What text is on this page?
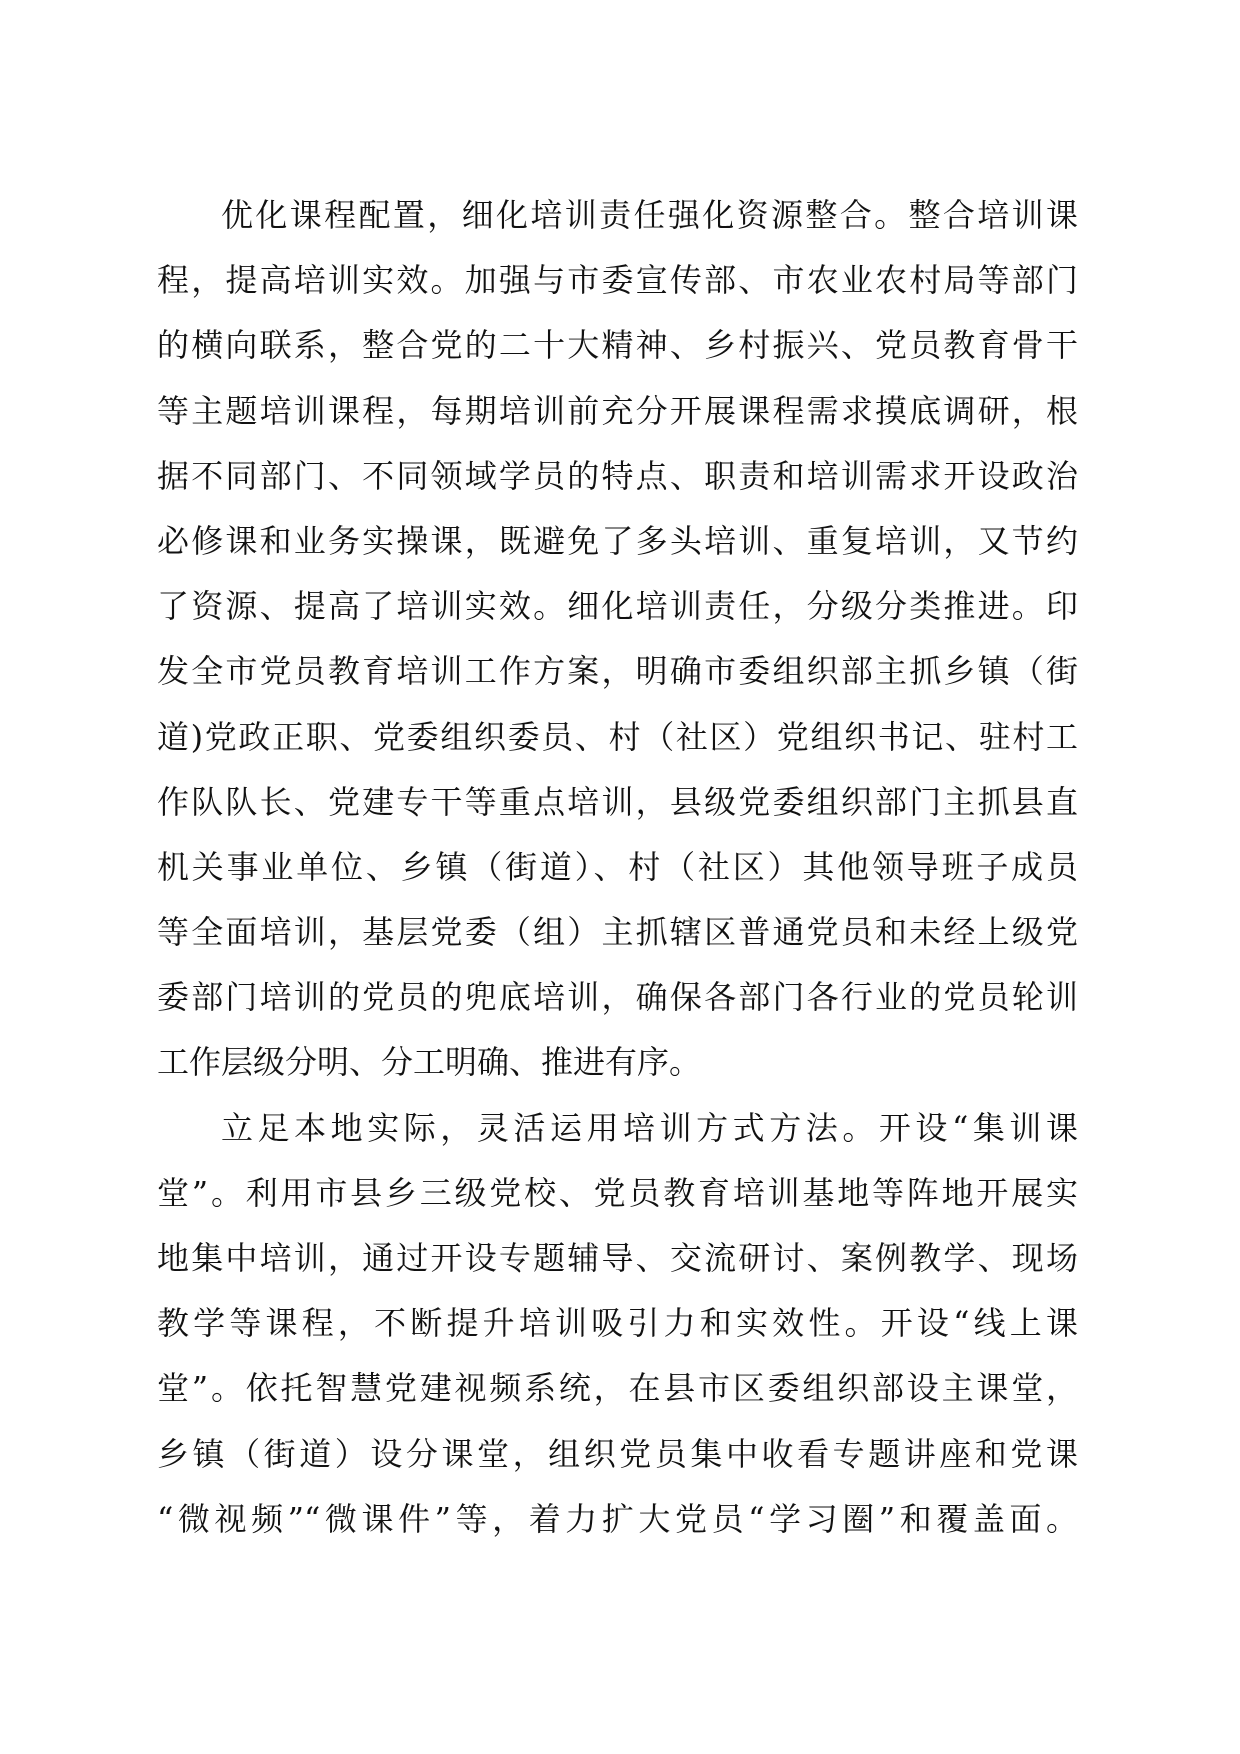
优化课程配置，细化培训责任强化资源整合。整合培训课
程，提高培训实效。加强与市委宣传部、市农业农村局等部门
的横向联系，整合党的二十大精神、乡村振兴、党员教育骨干
等主题培训课程，每期培训前充分开展课程需求摸底调研，根
据不同部门、不同领域学员的特点、职责和培训需求开设政治
必修课和业务实操课，既避免了多头培训、重复培训，又节约
了资源、提高了培训实效。细化培训责任，分级分类推进。印
发全市党员教育培训工作方案，明确市委组织部主抓乡镇（街
道)党政正职、党委组织委员、村（社区）党组织书记、驻村工
作队队长、党建专干等重点培训，县级党委组织部门主抓县直
机关事业单位、乡镇（街道）、村（社区）其他领导班子成员
等全面培训，基层党委（组）主抓辖区普通党员和未经上级党
委部门培训的党员的兜底培训，确保各部门各行业的党员轮训
工作层级分明、分工明确、推进有序。
立足本地实际，灵活运用培训方式方法。开设“集训课
堂”。利用市县乡三级党校、党员教育培训基地等阵地开展实
地集中培训，通过开设专题辅导、交流研讨、案例教学、现场
教学等课程，不断提升培训吸引力和实效性。开设“线上课
堂”。依托智慧党建视频系统，在县市区委组织部设主课堂，
乡镇（街道）设分课堂，组织党员集中收看专题讲座和党课
“微视频”“微课件”等，着力扩大党员“学习圈”和覆盖面。
